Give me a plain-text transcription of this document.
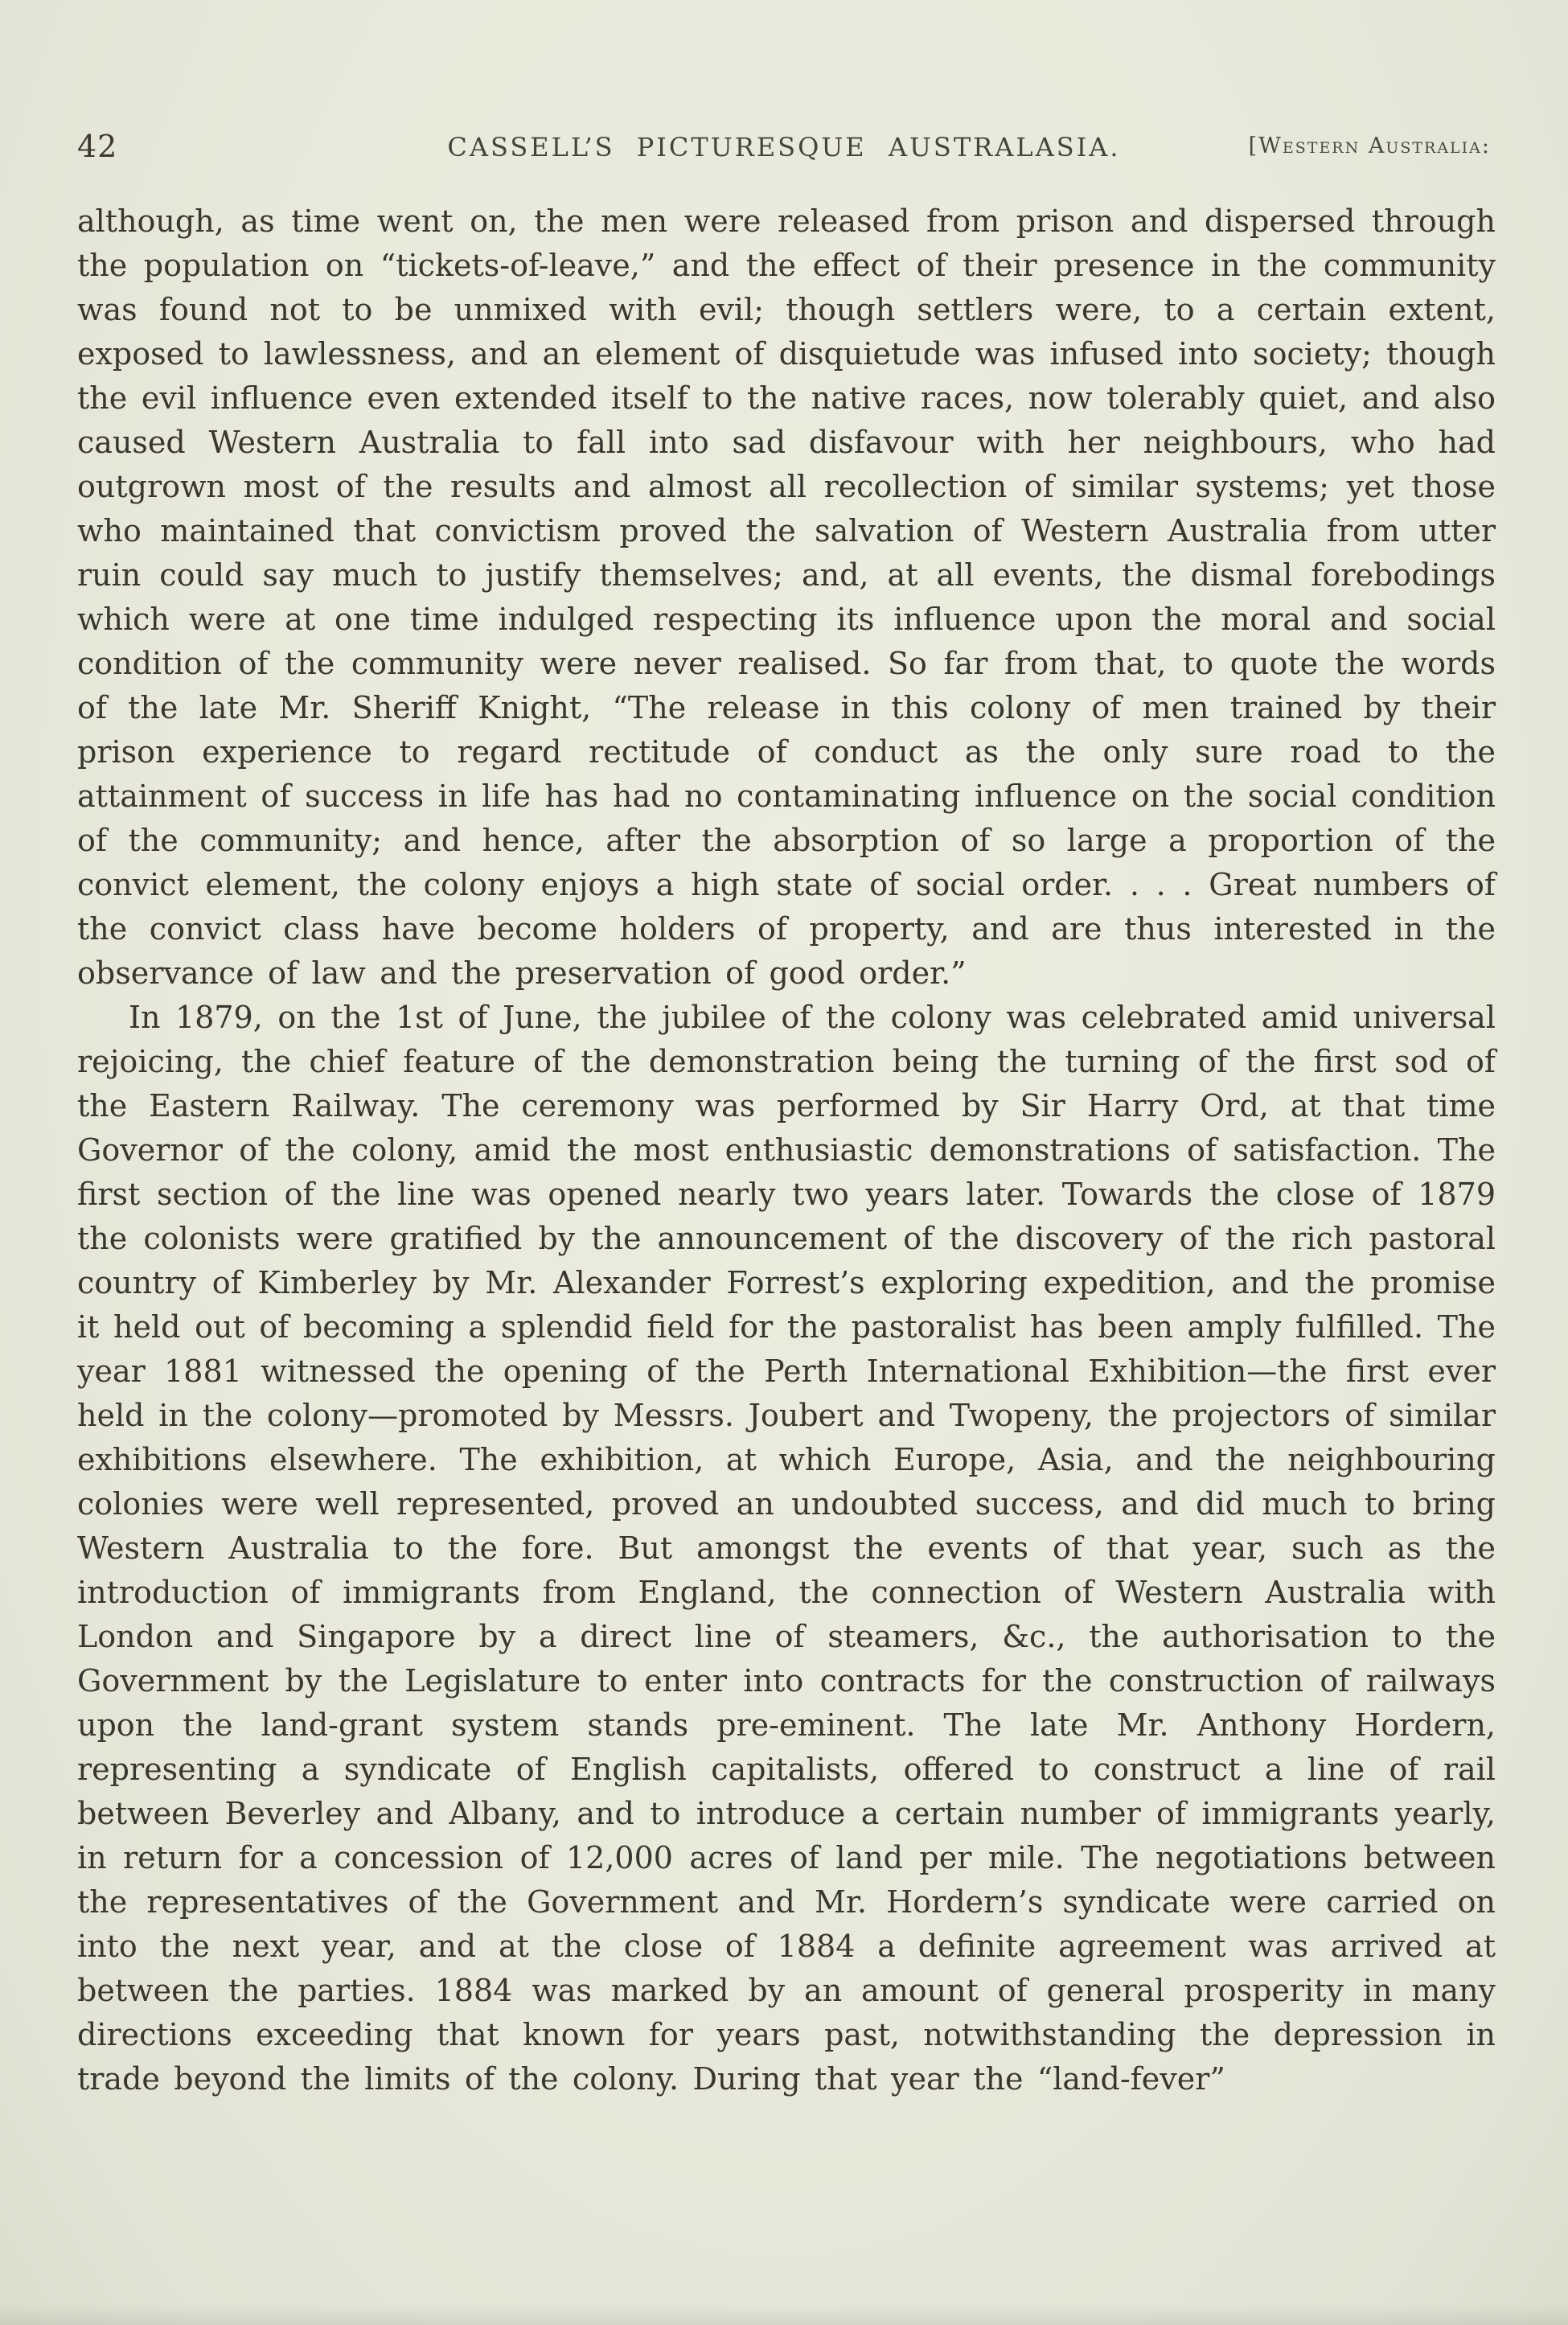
42	CASSELL’S PICTURESQUE AUSTRALASIA.	[Western Australia:

although, as time went on, the men were released from prison and dispersed through the population on “tickets-of-leave,” and the effect of their presence in the community was found not to be unmixed with evil; though settlers were, to a certain extent, exposed to lawlessness, and an element of disquietude was infused into society; though the evil influence even extended itself to the native races, now tolerably quiet, and also caused Western Australia to fall into sad disfavour with her neighbours, who had outgrown most of the results and almost all recollection of similar systems; yet those who maintained that convictism proved the salvation of Western Australia from utter ruin could say much to justify themselves; and, at all events, the dismal forebodings which were at one time indulged respecting its influence upon the moral and social condition of the community were never realised. So far from that, to quote the words of the late Mr. Sheriff Knight, “The release in this colony of men trained by their prison experience to regard rectitude of conduct as the only sure road to the attainment of success in life has had no contaminating influence on the social condition of the community; and hence, after the absorption of so large a proportion of the convict element, the colony enjoys a high state of social order. . . . Great numbers of the convict class have become holders of property, and are thus interested in the observance of law and the preservation of good order.”

In 1879, on the 1st of June, the jubilee of the colony was celebrated amid universal rejoicing, the chief feature of the demonstration being the turning of the first sod of the Eastern Railway. The ceremony was performed by Sir Harry Ord, at that time Governor of the colony, amid the most enthusiastic demonstrations of satisfaction. The first section of the line was opened nearly two years later. Towards the close of 1879 the colonists were gratified by the announcement of the discovery of the rich pastoral country of Kimberley by Mr. Alexander Forrest’s exploring expedition, and the promise it held out of becoming a splendid field for the pastoralist has been amply fulfilled. The year 1881 witnessed the opening of the Perth International Exhibition—the first ever held in the colony—promoted by Messrs. Joubert and Twopeny, the projectors of similar exhibitions elsewhere. The exhibition, at which Europe, Asia, and the neighbouring colonies were well represented, proved an undoubted success, and did much to bring Western Australia to the fore. But amongst the events of that year, such as the introduction of immigrants from England, the connection of Western Australia with London and Singapore by a direct line of steamers, &c., the authorisation to the Government by the Legislature to enter into contracts for the construction of railways upon the land-grant system stands pre-eminent. The late Mr. Anthony Hordern, representing a syndicate of English capitalists, offered to construct a line of rail between Beverley and Albany, and to introduce a certain number of immigrants yearly, in return for a concession of 12,000 acres of land per mile. The negotiations between the representatives of the Government and Mr. Hordern’s syndicate were carried on into the next year, and at the close of 1884 a definite agreement was arrived at between the parties. 1884 was marked by an amount of general prosperity in many directions exceeding that known for years past, notwithstanding the depression in trade beyond the limits of the colony. During that year the “land-fever”
